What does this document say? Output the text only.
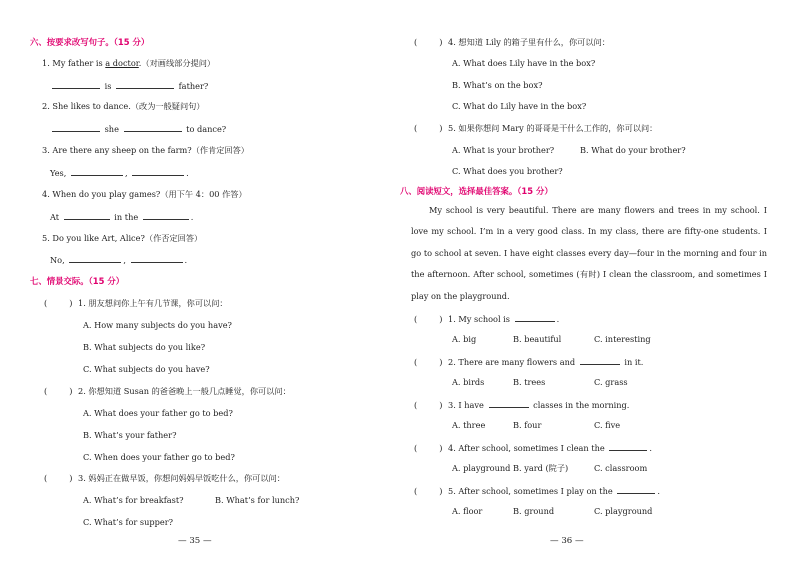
六、按要求改写句子。（15 分）
1. My father is a doctor.（对画线部分提问）
is	father?
2. She likes to dance.（改为一般疑问句）
she	to dance?
3. Are there any sheep on the farm?（作肯定回答）
Yes,	,	.
4. When do you play games?（用下午 4：00 作答）
At	in the	.
5. Do you like Art, Alice?（作否定回答）
No,	,	.
七、情景交际。（15 分）
(	) 1. 朋友想问你上午有几节课，你可以问：
A. How many subjects do you have?
B. What subjects do you like?
C. What subjects do you have?
(	) 2. 你想知道 Susan 的爸爸晚上一般几点睡觉，你可以问：
A. What does your father go to bed?
B. What’s your father?
C. When does your father go to bed?
(	) 3. 妈妈正在做早饭，你想问妈妈早饭吃什么，你可以问：
A. What’s for breakfast?	B. What’s for lunch?
C. What’s for supper?
— 35 —
(	) 4. 想知道 Lily 的箱子里有什么，你可以问：
A. What does Lily have in the box?
B. What’s on the box?
C. What do Lily have in the box?
(	) 5. 如果你想问 Mary 的哥哥是干什么工作的，你可以问：
A. What is your brother?	B. What do your brother?
C. What does you brother?
八、阅读短文，选择最佳答案。（15 分）

My school is very beautiful. There are many flowers and trees in my school. I love my school. I’m in a very good class. In my class, there are fifty-one students. I go to school at seven. I have eight classes every day—four in the morning and four in the afternoon. After school, sometimes (有时) I clean the classroom, and sometimes I play on the playground.

(	) 1. My school is	.
A. big	B. beautiful	C. interesting
(	) 2. There are many flowers and	in it.
A. birds	B. trees	C. grass
(	) 3. I have	classes in the morning.
A. three	B. four	C. five
(	) 4. After school, sometimes I clean the	.
A. playground B. yard (院子)	C. classroom
(	) 5. After school, sometimes I play on the	.
A. floor	B. ground	C. playground
— 36 —
